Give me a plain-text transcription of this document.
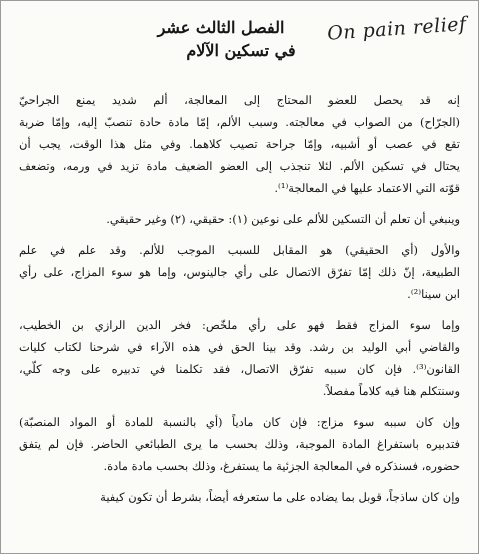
On pain relief
الفصل الثالث عشر
في تسكين الآلام
إنه قد يحصل للعضو المحتاج إلى المعالجة، ألم شديد يمنع الجراحيّ
(الجرّاح) من الصواب في معالجته. وسبب الألم، إمّا مادة حادة تنصبّ إليه، وإمّا ضربة
تقع في عصب أو أشبيه، وإمّا جراحة تصيب كلاهما. وفي مثل هذا الوقت، يجب أن
يحتال في تسكين الألم. لئلا تنجذب إلى العضو الضعيف مادة تزيد في ورمه، وتضعف
قوّته التي الاعتماد عليها في المعالجة⁽¹⁾.
وينبغي أن تعلم أن التسكين للألم على نوعين (١): حقيقي، (٢) وغير حقيقي.
والأول (أي الحقيقي) هو المقابل للسبب الموجب للألم. وقد علم في علم
الطبيعة، إنّ ذلك إمّا تفرّق الاتصال على رأي جالينوس، وإما هو سوء المزاج، على رأي
ابن سينا⁽²⁾.
وإما سوء المزاج فقط فهو على رأي ملخّص: فخر الدين الرازي بن الخطيب،
والقاضي أبي الوليد بن رشد. وقد بينا الحق في هذه الآراء في شرحنا لكتاب كليات
القانون⁽³⁾. فإن كان سببه تفرّق الاتصال، فقد تكلمنا في تدبيره على وجه كلّي،
وسنتكلم هنا فيه كلاماً مفصلاً.
وإن كان سببه سوء مزاج: فإن كان مادياً (أي بالنسبة للمادة أو المواد المنصبّة)
فتدبيره باستفراغ المادة الموجبة، وذلك بحسب ما يرى الطبائعي الحاضر. فإن لم يتفق
حضوره، فسنذكره في المعالجة الجزئية ما يستفرغ، وذلك بحسب مادة مادة.
وإن كان ساذجاً، قوبل بما يضاده على ما ستعرفه أيضاً، بشرط أن تكون كيفية
